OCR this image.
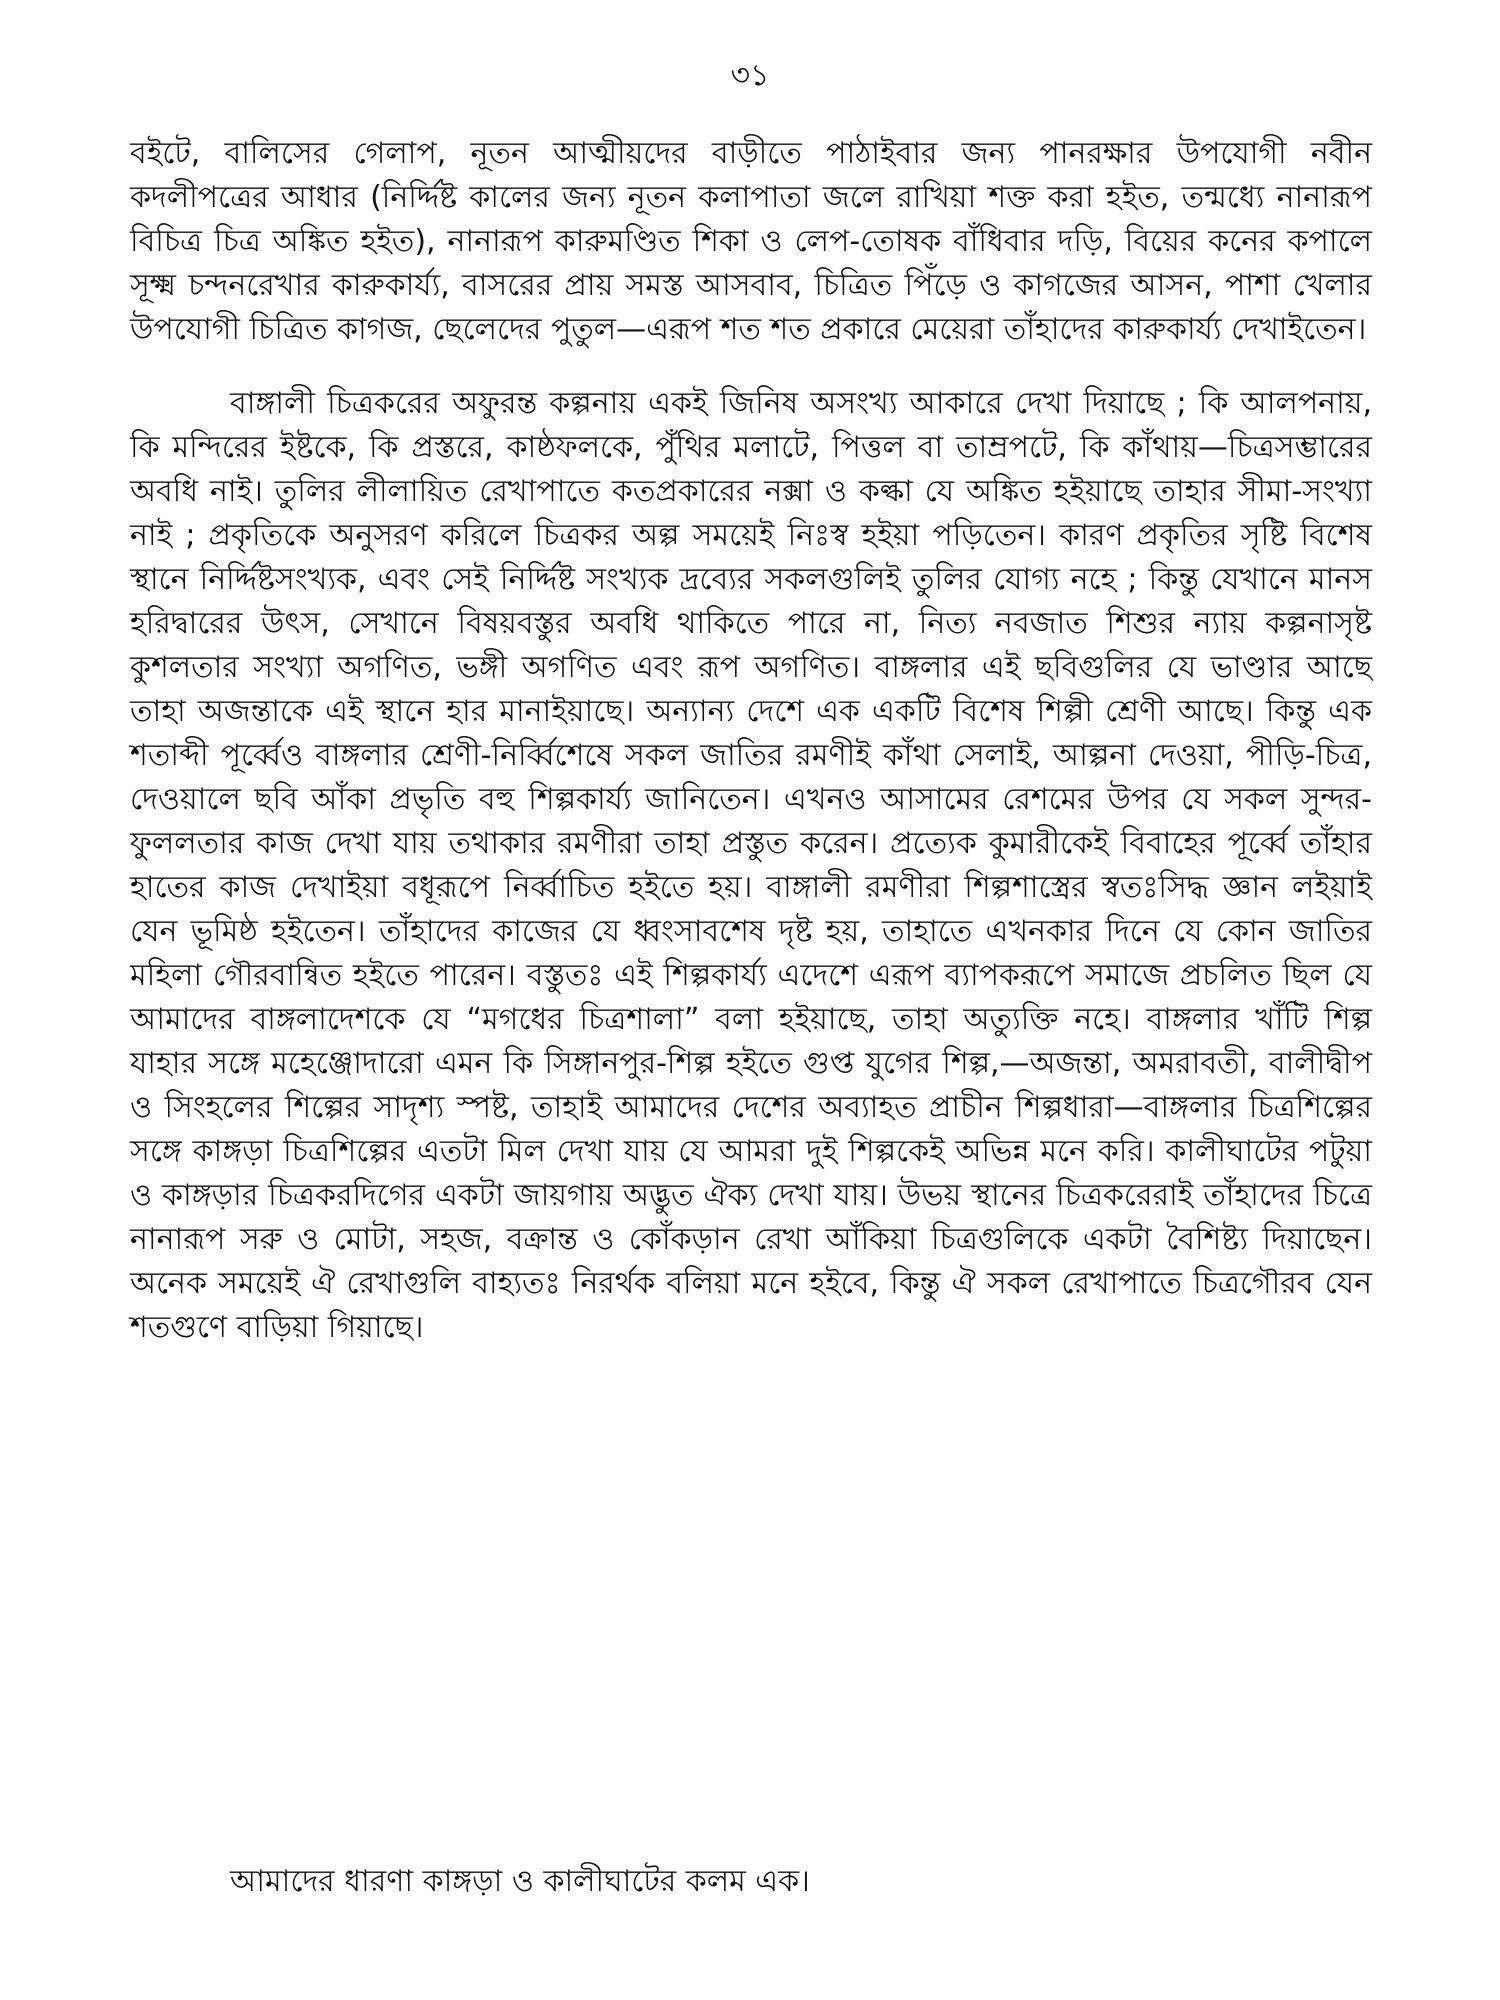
৩১

বইটে, বালিসের গেলাপ, নূতন আত্মীয়দের বাড়ীতে পাঠাইবার জন্য পানরক্ষার উপযোগী নবীন কদলীপত্রের আধার (নির্দ্দিষ্ট কালের জন্য নূতন কলাপাতা জলে রাখিয়া শক্ত করা হইত, তন্মধ্যে নানারূপ বিচিত্র চিত্র অঙ্কিত হইত), নানারূপ কারুমণ্ডিত শিকা ও লেপ-তোষক বাঁধিবার দড়ি, বিয়ের কনের কপালে সূক্ষ্ম চন্দনরেখার কারুকার্য্য, বাসরের প্রায় সমস্ত আসবাব, চিত্রিত পিঁড়ে ও কাগজের আসন, পাশা খেলার উপযোগী চিত্রিত কাগজ, ছেলেদের পুতুল—এরূপ শত শত প্রকারে মেয়েরা তাঁহাদের কারুকার্য্য দেখাইতেন।

বাঙ্গালী চিত্রকরের অফুরন্ত কল্পনায় একই জিনিষ অসংখ্য আকারে দেখা দিয়াছে ; কি আলপনায়, কি মন্দিরের ইষ্টকে, কি প্রস্তরে, কাষ্ঠফলকে, পুঁথির মলাটে, পিত্তল বা তাম্রপটে, কি কাঁথায়—চিত্রসম্ভারের অবধি নাই। তুলির লীলায়িত রেখাপাতে কতপ্রকারের নক্সা ও কল্কা যে অঙ্কিত হইয়াছে তাহার সীমা-সংখ্যা নাই ; প্রকৃতিকে অনুসরণ করিলে চিত্রকর অল্প সময়েই নিঃস্ব হইয়া পড়িতেন। কারণ প্রকৃতির সৃষ্টি বিশেষ স্থানে নির্দ্দিষ্টসংখ্যক, এবং সেই নির্দ্দিষ্ট সংখ্যক দ্রব্যের সকলগুলিই তুলির যোগ্য নহে ; কিন্তু যেখানে মানস হরিদ্বারের উৎস, সেখানে বিষয়বস্তুর অবধি থাকিতে পারে না, নিত্য নবজাত শিশুর ন্যায় কল্পনাসৃষ্ট কুশলতার সংখ্যা অগণিত, ভঙ্গী অগণিত এবং রূপ অগণিত। বাঙ্গলার এই ছবিগুলির যে ভাণ্ডার আছে তাহা অজন্তাকে এই স্থানে হার মানাইয়াছে। অন্যান্য দেশে এক একটি বিশেষ শিল্পী শ্রেণী আছে। কিন্তু এক শতাব্দী পূর্ব্বেও বাঙ্গলার শ্রেণী-নির্ব্বিশেষে সকল জাতির রমণীই কাঁথা সেলাই, আল্পনা দেওয়া, পীড়ি-চিত্র, দেওয়ালে ছবি আঁকা প্রভৃতি বহু শিল্পকার্য্য জানিতেন। এখনও আসামের রেশমের উপর যে সকল সুন্দর-ফুললতার কাজ দেখা যায় তথাকার রমণীরা তাহা প্রস্তুত করেন। প্রত্যেক কুমারীকেই বিবাহের পূর্ব্বে তাঁহার হাতের কাজ দেখাইয়া বধূরূপে নির্ব্বাচিত হইতে হয়। বাঙ্গালী রমণীরা শিল্পশাস্ত্রের স্বতঃসিদ্ধ জ্ঞান লইয়াই যেন ভূমিষ্ঠ হইতেন। তাঁহাদের কাজের যে ধ্বংসাবশেষ দৃষ্ট হয়, তাহাতে এখনকার দিনে যে কোন জাতির মহিলা গৌরবান্বিত হইতে পারেন। বস্তুতঃ এই শিল্পকার্য্য এদেশে এরূপ ব্যাপকরূপে সমাজে প্রচলিত ছিল যে আমাদের বাঙ্গলাদেশকে যে “মগধের চিত্রশালা” বলা হইয়াছে, তাহা অত্যুক্তি নহে। বাঙ্গলার খাঁটি শিল্প যাহার সঙ্গে মহেঞ্জোদারো এমন কি সিঙ্গানপুর-শিল্প হইতে গুপ্ত যুগের শিল্প,—অজন্তা, অমরাবতী, বালীদ্বীপ ও সিংহলের শিল্পের সাদৃশ্য স্পষ্ট, তাহাই আমাদের দেশের অব্যাহত প্রাচীন শিল্পধারা—বাঙ্গলার চিত্রশিল্পের সঙ্গে কাঙ্গড়া চিত্রশিল্পের এতটা মিল দেখা যায় যে আমরা দুই শিল্পকেই অভিন্ন মনে করি। কালীঘাটের পটুয়া ও কাঙ্গড়ার চিত্রকরদিগের একটা জায়গায় অদ্ভুত ঐক্য দেখা যায়। উভয় স্থানের চিত্রকরেরাই তাঁহাদের চিত্রে নানারূপ সরু ও মোটা, সহজ, বক্রান্ত ও কোঁকড়ান রেখা আঁকিয়া চিত্রগুলিকে একটা বৈশিষ্ট্য দিয়াছেন। অনেক সময়েই ঐ রেখাগুলি বাহ্যতঃ নিরর্থক বলিয়া মনে হইবে, কিন্তু ঐ সকল রেখাপাতে চিত্রগৌরব যেন শতগুণে বাড়িয়া গিয়াছে।

আমাদের ধারণা কাঙ্গড়া ও কালীঘাটের কলম এক।
